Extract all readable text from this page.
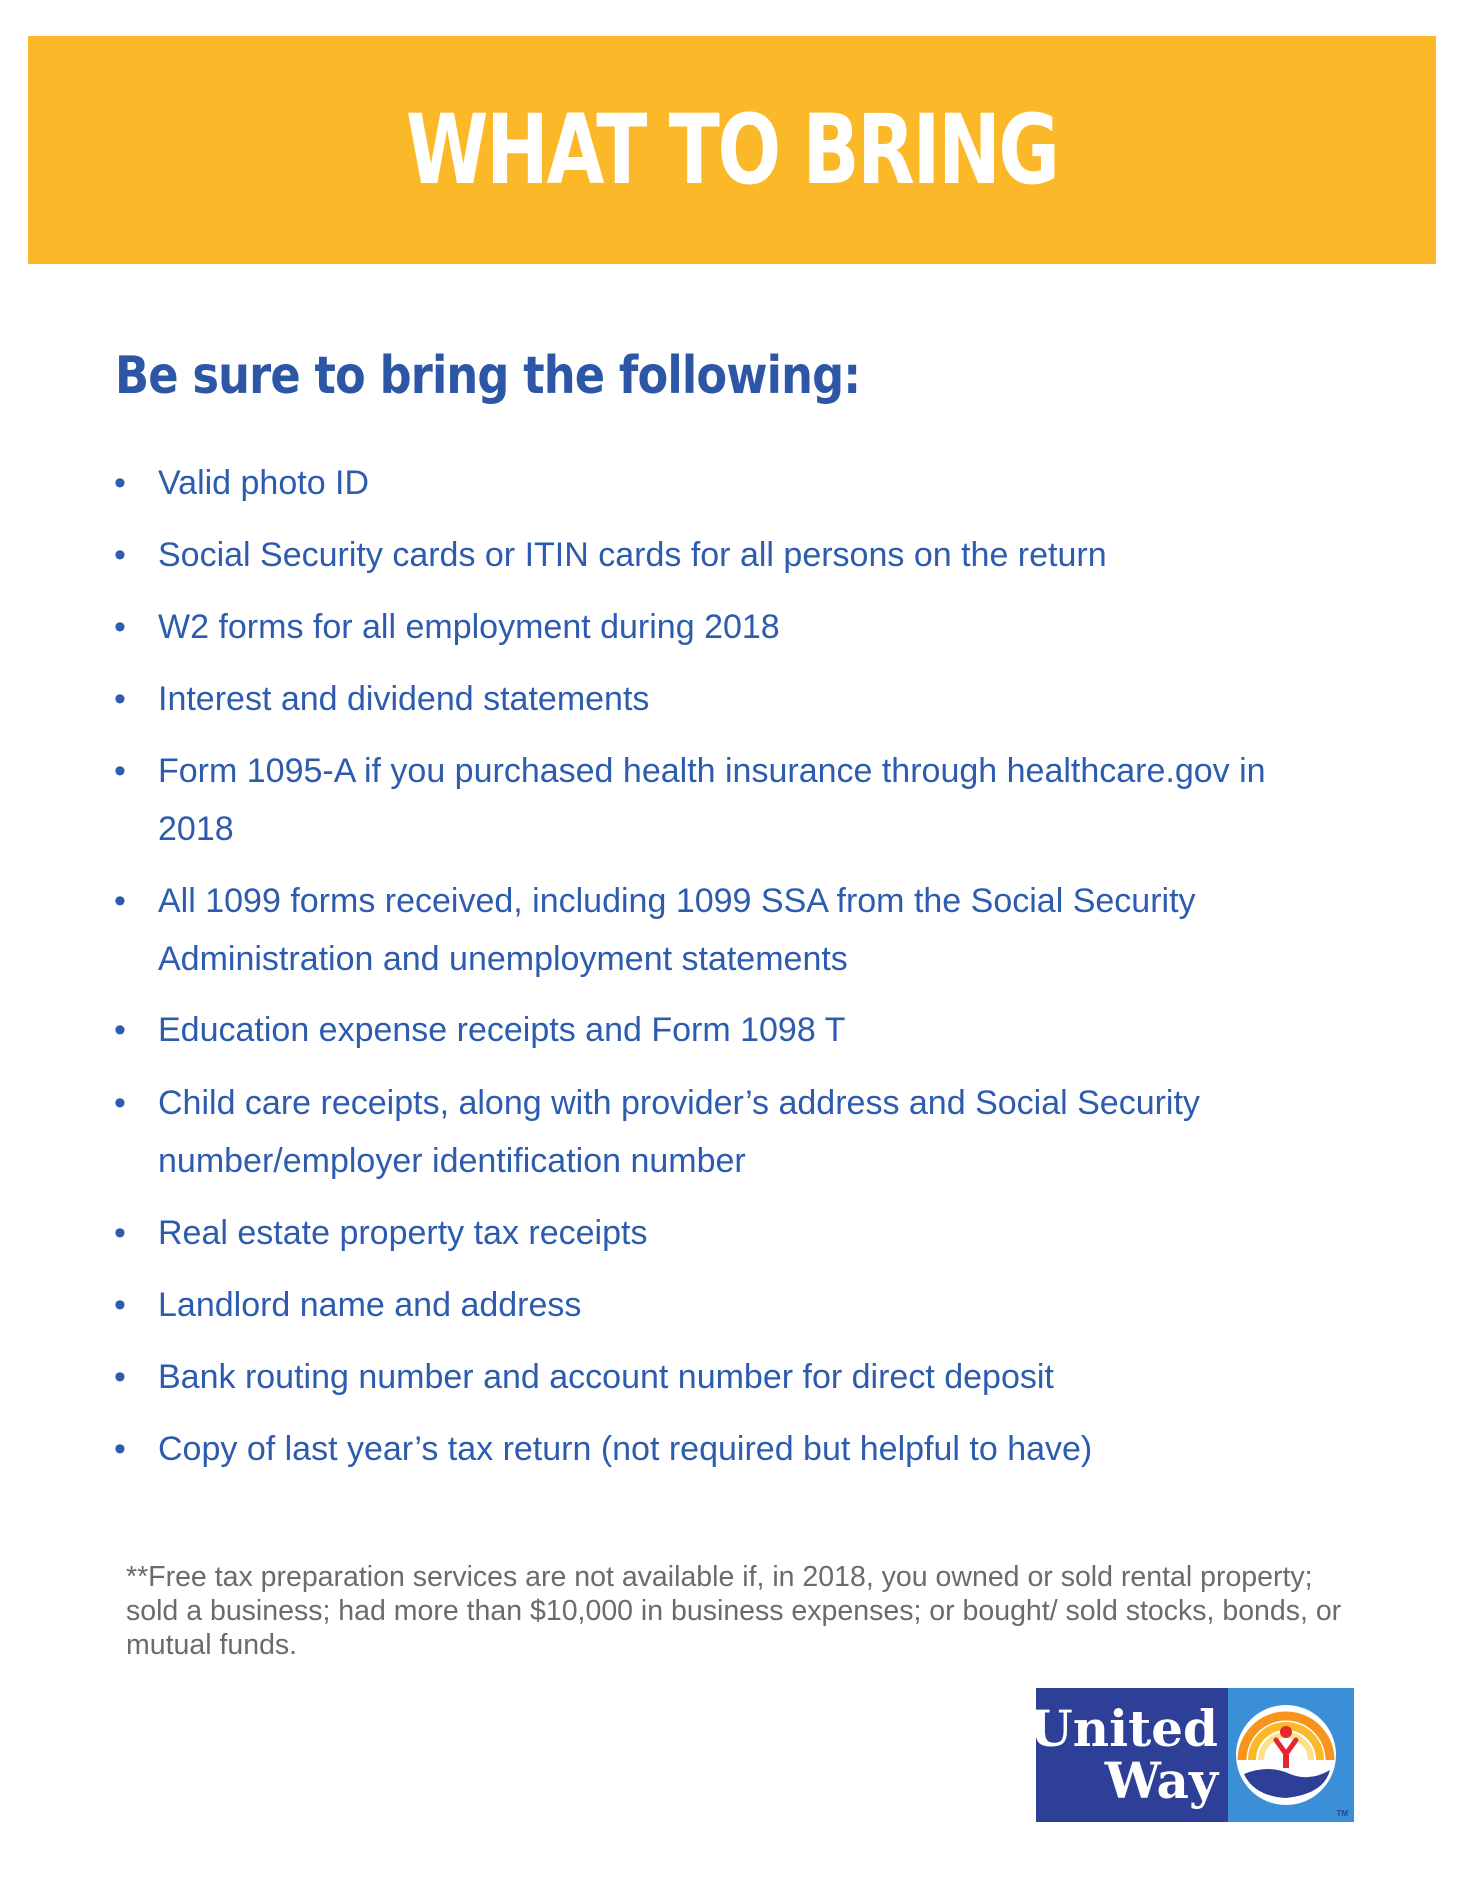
WHAT TO BRING
Be sure to bring the following:
• Valid photo ID
• Social Security cards or ITIN cards for all persons on the return
• W2 forms for all employment during 2018
• Interest and dividend statements
• Form 1095-A if you purchased health insurance through healthcare.gov in 2018
• All 1099 forms received, including 1099 SSA from the Social Security Administration and unemployment statements
• Education expense receipts and Form 1098 T
• Child care receipts, along with provider’s address and Social Security number/employer identification number
• Real estate property tax receipts
• Landlord name and address
• Bank routing number and account number for direct deposit
• Copy of last year’s tax return (not required but helpful to have)
**Free tax preparation services are not available if, in 2018, you owned or sold rental property; sold a business; had more than $10,000 in business expenses; or bought/ sold stocks, bonds, or mutual funds.
United
Way
TM
